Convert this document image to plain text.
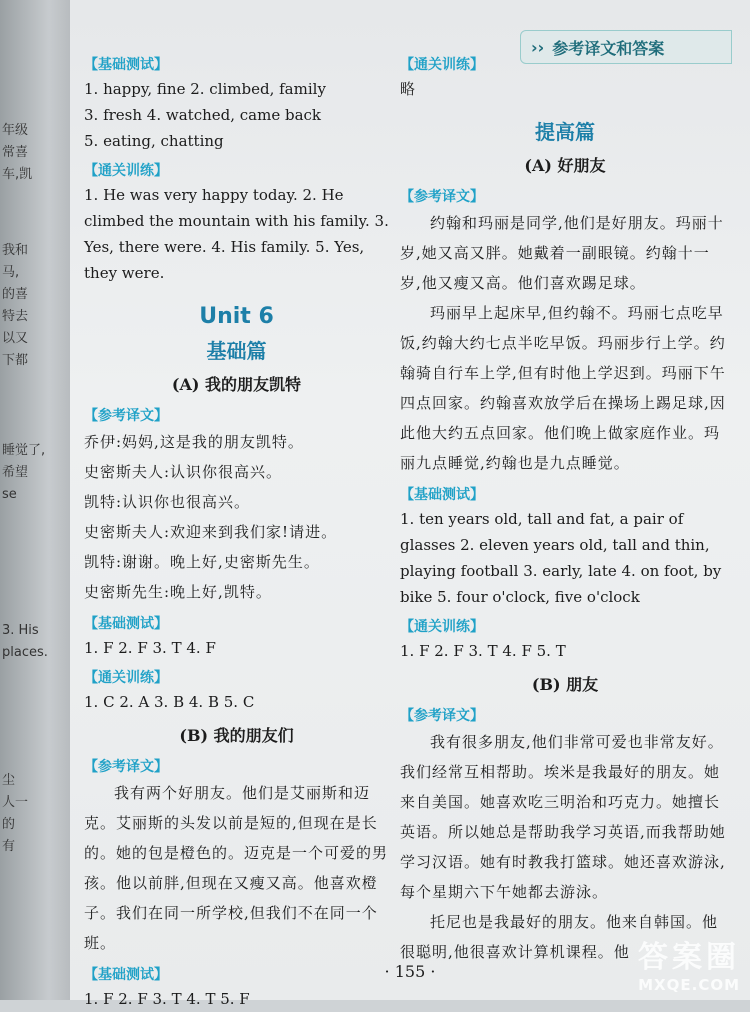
年级
常喜
车,凯
我和
马,
的喜
特去
以又
下都
睡觉了,
希望
se
3. His
places.
尘
人一
的
有
›› 参考译文和答案
【基础测试】

1. happy, fine 2. climbed, family

3. fresh 4. watched, came back

5. eating, chatting

【通关训练】

1. He was very happy today. 2. He climbed the mountain with his family. 3. Yes, there were. 4. His family. 5. Yes, they were.

Unit 6
基础篇
(A) 我的朋友凯特
【参考译文】

乔伊:妈妈,这是我的朋友凯特。

史密斯夫人:认识你很高兴。

凯特:认识你也很高兴。

史密斯夫人:欢迎来到我们家!请进。

凯特:谢谢。晚上好,史密斯先生。

史密斯先生:晚上好,凯特。

【基础测试】

1. F 2. F 3. T 4. F

【通关训练】

1. C 2. A 3. B 4. B 5. C

(B) 我的朋友们
【参考译文】

我有两个好朋友。他们是艾丽斯和迈克。艾丽斯的头发以前是短的,但现在是长的。她的包是橙色的。迈克是一个可爱的男孩。他以前胖,但现在又瘦又高。他喜欢橙子。我们在同一所学校,但我们不在同一个班。

【基础测试】

1. F 2. F 3. T 4. T 5. F

【通关训练】

略

提高篇
(A) 好朋友
【参考译文】

约翰和玛丽是同学,他们是好朋友。玛丽十岁,她又高又胖。她戴着一副眼镜。约翰十一岁,他又瘦又高。他们喜欢踢足球。

玛丽早上起床早,但约翰不。玛丽七点吃早饭,约翰大约七点半吃早饭。玛丽步行上学。约翰骑自行车上学,但有时他上学迟到。玛丽下午四点回家。约翰喜欢放学后在操场上踢足球,因此他大约五点回家。他们晚上做家庭作业。玛丽九点睡觉,约翰也是九点睡觉。

【基础测试】

1. ten years old, tall and fat, a pair of glasses 2. eleven years old, tall and thin, playing football 3. early, late 4. on foot, by bike 5. four o'clock, five o'clock

【通关训练】

1. F 2. F 3. T 4. F 5. T

(B) 朋友
【参考译文】

我有很多朋友,他们非常可爱也非常友好。我们经常互相帮助。埃米是我最好的朋友。她来自美国。她喜欢吃三明治和巧克力。她擅长英语。所以她总是帮助我学习英语,而我帮助她学习汉语。她有时教我打篮球。她还喜欢游泳,每个星期六下午她都去游泳。

托尼也是我最好的朋友。他来自韩国。他很聪明,他很喜欢计算机课程。他

· 155 ·	答案圈
MXQE.COM
